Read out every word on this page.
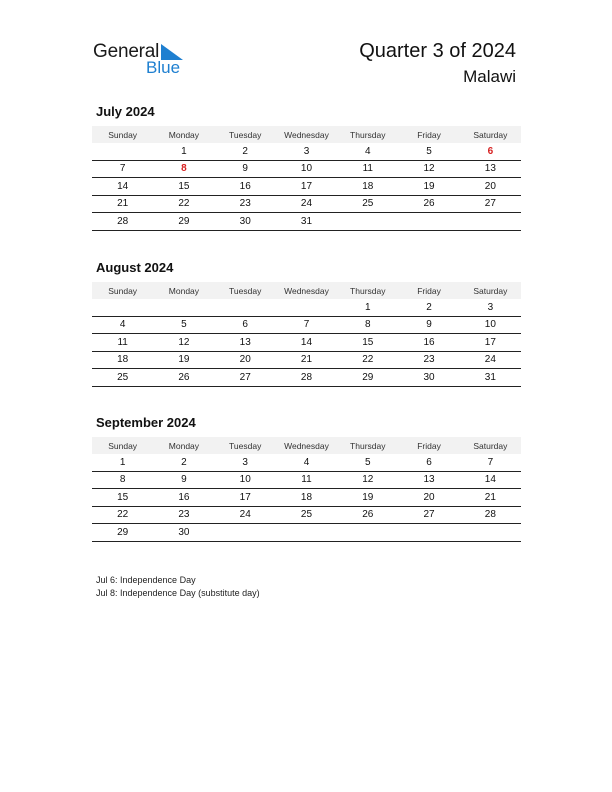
General
Blue
Quarter 3 of 2024
Malawi
July 2024
Sunday	Monday	Tuesday	Wednesday	Thursday	Friday	Saturday
	1	2	3	4	5	6
7	8	9	10	11	12	13
14	15	16	17	18	19	20
21	22	23	24	25	26	27
28	29	30	31			
August 2024
Sunday	Monday	Tuesday	Wednesday	Thursday	Friday	Saturday
				1	2	3
4	5	6	7	8	9	10
11	12	13	14	15	16	17
18	19	20	21	22	23	24
25	26	27	28	29	30	31
September 2024
Sunday	Monday	Tuesday	Wednesday	Thursday	Friday	Saturday
1	2	3	4	5	6	7
8	9	10	11	12	13	14
15	16	17	18	19	20	21
22	23	24	25	26	27	28
29	30					
Jul 6: Independence Day
Jul 8: Independence Day (substitute day)
